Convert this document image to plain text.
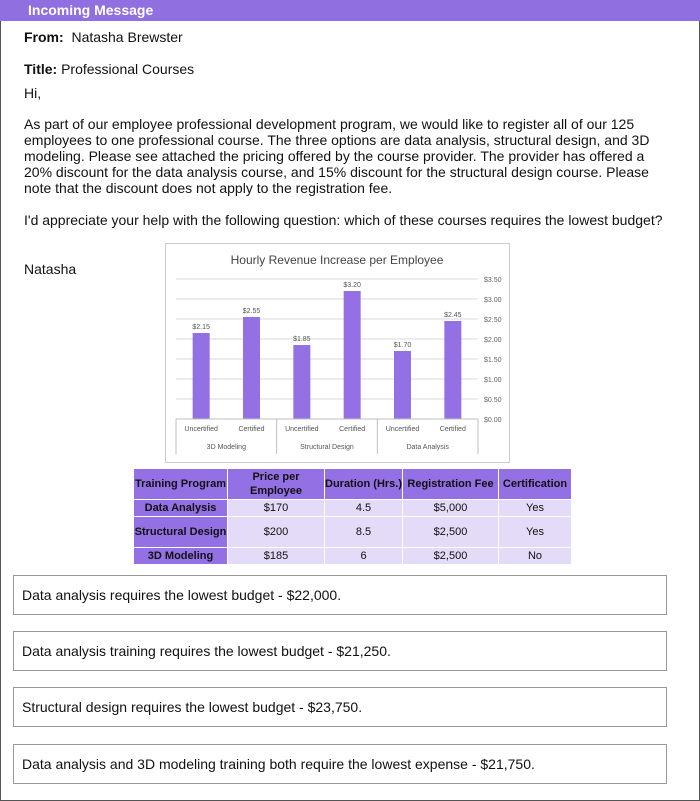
Incoming Message
From: Natasha Brewster
Title: Professional Courses
Hi,
As part of our employee professional development program, we would like to register all of our 125 employees to one professional course. The three options are data analysis, structural design, and 3D modeling. Please see attached the pricing offered by the course provider. The provider has offered a 20% discount for the data analysis course, and 15% discount for the structural design course. Please note that the discount does not apply to the registration fee.
I'd appreciate your help with the following question: which of these courses requires the lowest budget?
Natasha
Hourly Revenue Increase per Employee
$2.15
$2.55
$1.85
$3.20
$1.70
$2.45
$0.00
$0.50
$1.00
$1.50
$2.00
$2.50
$3.00
$3.50
Uncertified	Certified	Uncertified	Certified	Uncertified	Certified
3D Modeling	Structural Design	Data Analysis
Training Program	Price per Employee	Duration (Hrs.)	Registration Fee	Certification
Data Analysis	$170	4.5	$5,000	Yes
Structural Design	$200	8.5	$2,500	Yes
3D Modeling	$185	6	$2,500	No
Data analysis requires the lowest budget - $22,000.
Data analysis training requires the lowest budget - $21,250.
Structural design requires the lowest budget - $23,750.
Data analysis and 3D modeling training both require the lowest expense - $21,750.
